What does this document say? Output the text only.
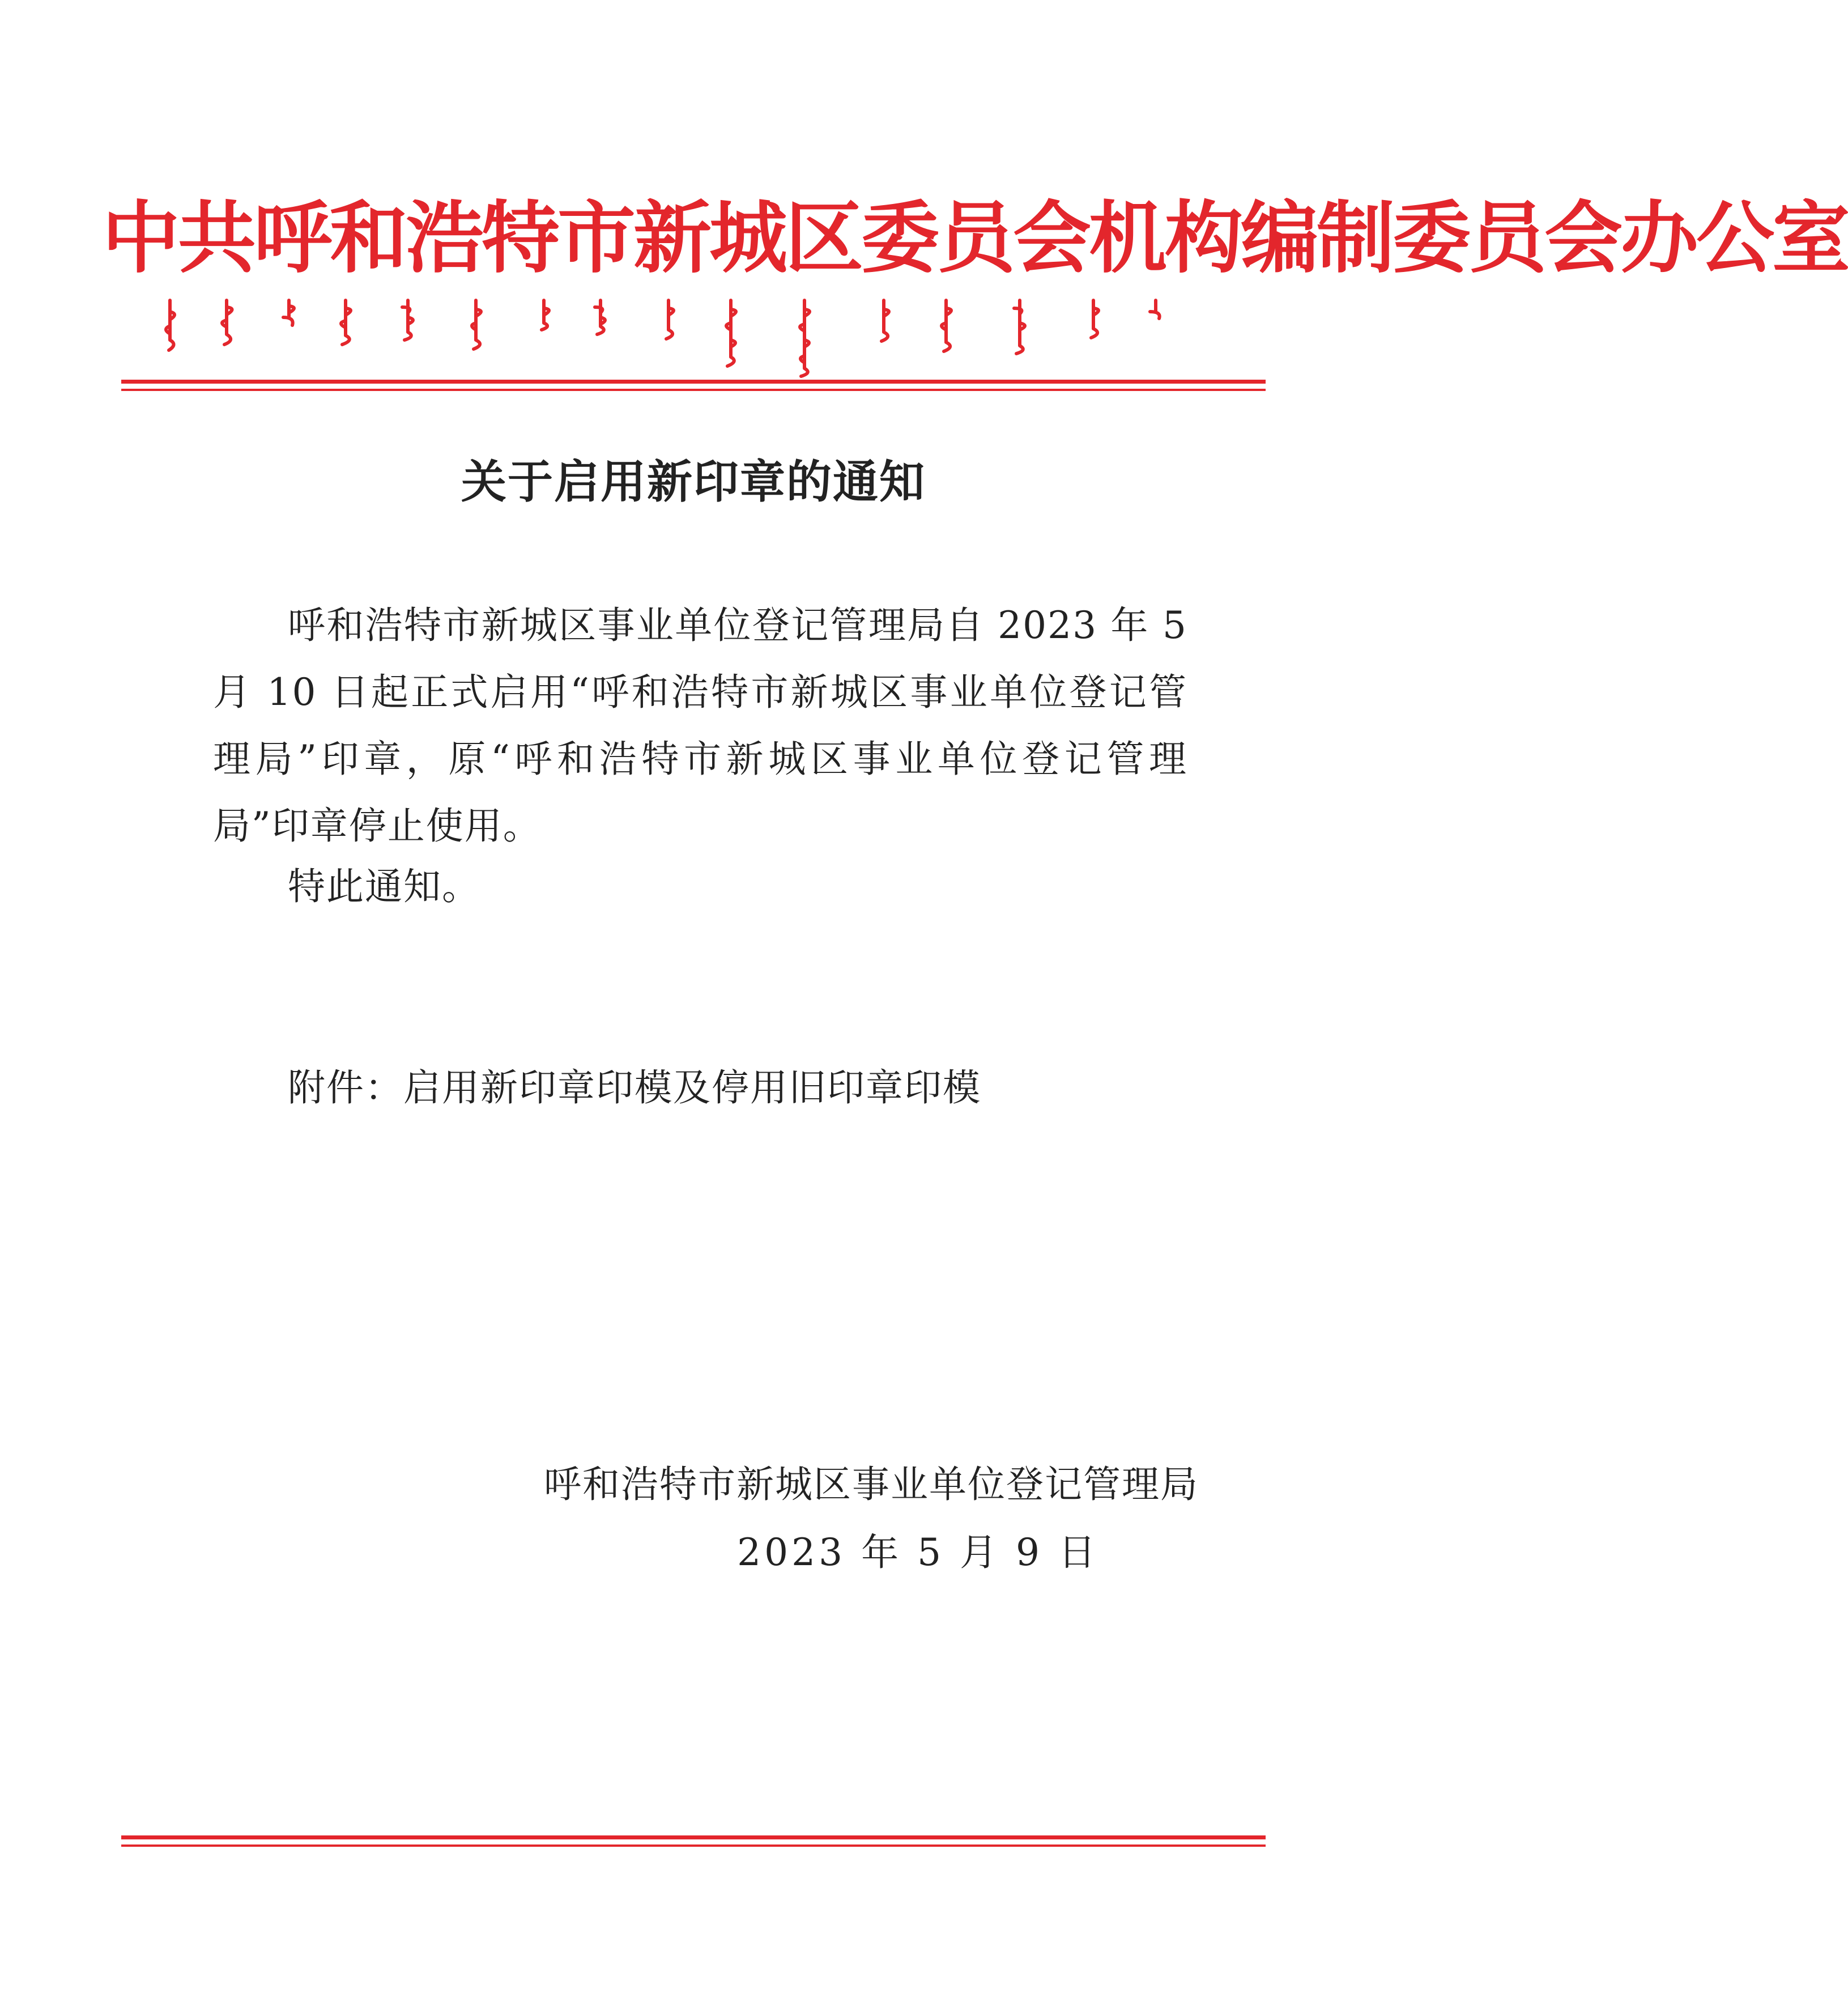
中共呼和浩特市新城区委员会机构编制委员会办公室
关于启用新印章的通知
呼和浩特市新城区事业单位登记管理局自 2023 年 5 月 10 日起正式启用“呼和浩特市新城区事业单位登记管理局”印章，原“呼和浩特市新城区事业单位登记管理局”印章停止使用。
特此通知。
附件：启用新印章印模及停用旧印章印模
呼和浩特市新城区事业单位登记管理局
2023 年 5 月 9 日
